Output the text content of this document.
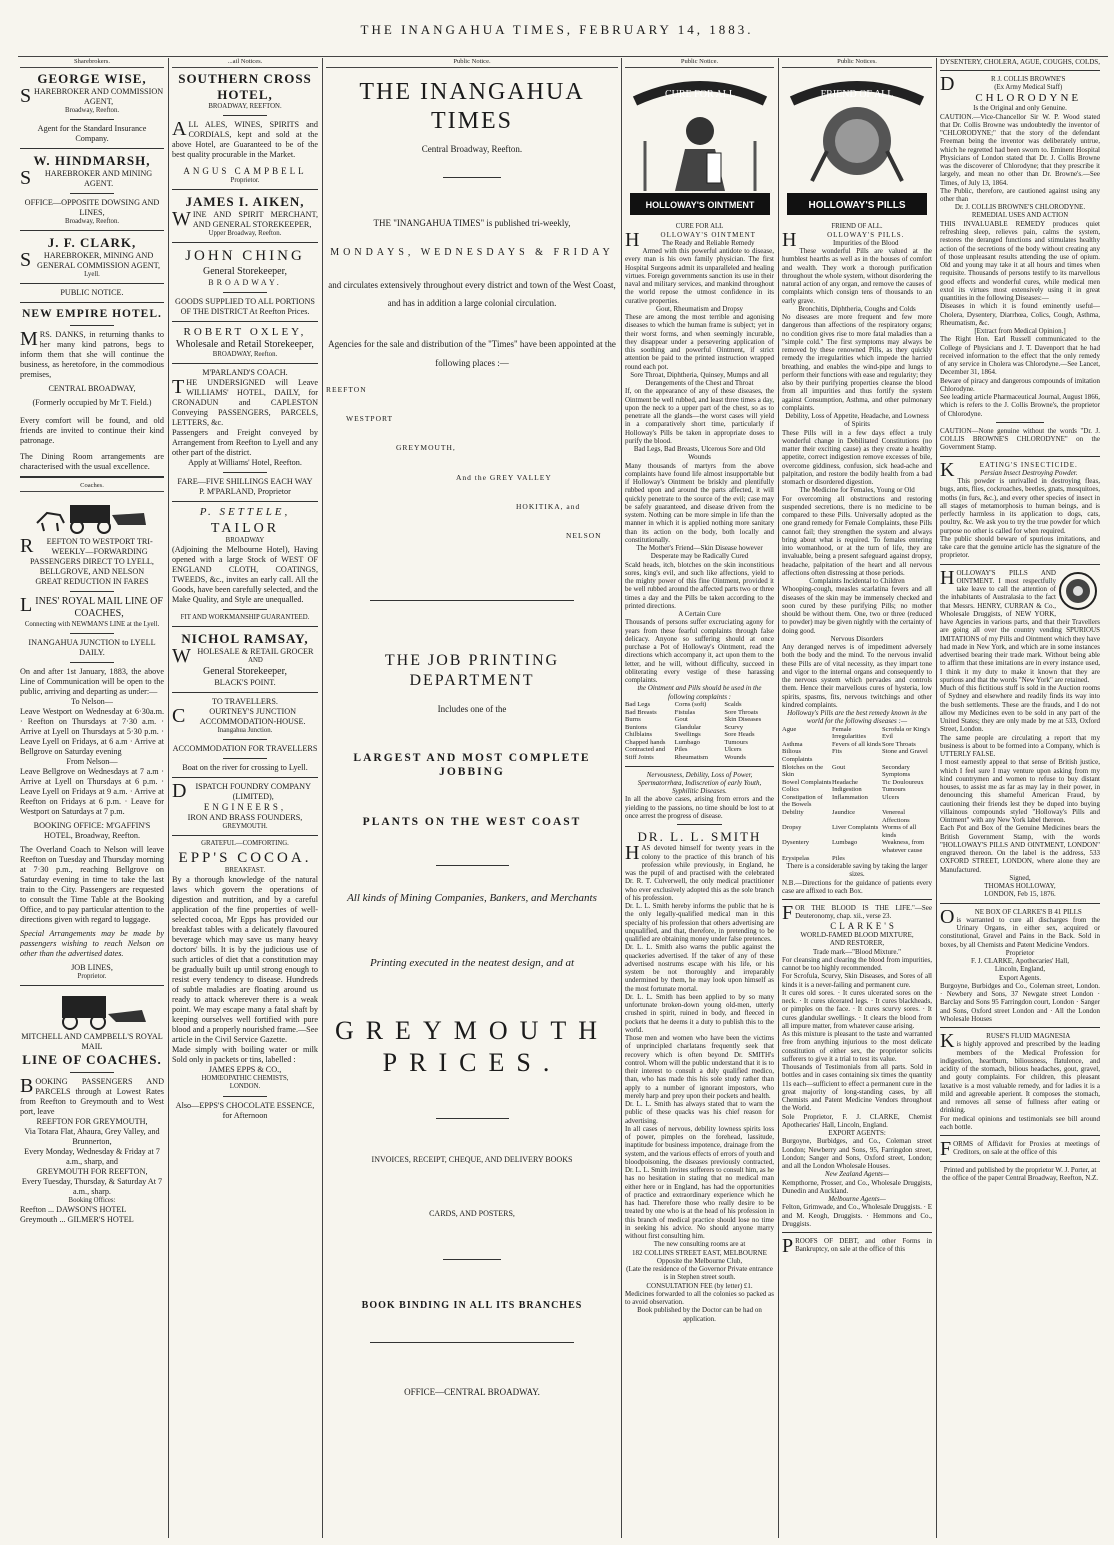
THE INANGAHUA TIMES, FEBRUARY 14, 1883.
Sharebrokers.
GEORGE WISE,
SHAREBROKER AND COMMISSION AGENT,
Broadway, Reefton.
Agent for the Standard Insurance Company.
W. HINDMARSH,
SHAREBROKER AND MINING AGENT.
OFFICE—OPPOSITE DOWSING AND LINES,
Broadway, Reefton.
J. F. CLARK,
SHAREBROKER, MINING AND GENERAL COMMISSION AGENT,
Lyell.
PUBLIC NOTICE.
NEW EMPIRE HOTEL.
MRS. DANKS, in returning thanks to her many kind patrons, begs to inform them that she will continue the business, as heretofore, in the commodious premises,
CENTRAL BROADWAY,
(Formerly occupied by Mr T. Field.)
Every comfort will be found, and old friends are invited to continue their kind patronage.
The Dining Room arrangements are characterised with the usual excellence.
Coaches.
REEFTON TO WESTPORT TRI-WEEKLY—FORWARDING PASSENGERS DIRECT TO LYELL, BELLGROVE, AND NELSON
GREAT REDUCTION IN FARES
LINES' ROYAL MAIL LINE OF COACHES,
Connecting with NEWMAN'S LINE at the Lyell.
INANGAHUA JUNCTION to LYELL DAILY.
On and after 1st January, 1883, the above Line of Communication will be open to the public, arriving and departing as under:—
To Nelson—
Leave Westport on Wednesday at 6·30a.m. · Reefton on Thursdays at 7·30 a.m. · Arrive at Lyell on Thursdays at 5·30 p.m. · Leave Lyell on Fridays, at 6 a.m · Arrive at Bellgrove on Saturday evening
From Nelson—
Leave Bellgrove on Wednesdays at 7 a.m · Arrive at Lyell on Thursdays at 6 p.m. · Leave Lyell on Fridays at 9 a.m. · Arrive at Reefton on Fridays at 6 p.m. · Leave for Westport on Saturdays at 7 p.m.
BOOKING OFFICE: M'GAFFIN'S HOTEL, Broadway, Reefton.
The Overland Coach to Nelson will leave Reefton on Tuesday and Thursday morning at 7·30 p.m., reaching Bellgrove on Saturday evening in time to take the last train to the City. Passengers are requested to consult the Time Table at the Booking Office, and to pay particular attention to the directions given with regard to luggage.
Special Arrangements may be made by passengers wishing to reach Nelson on other than the advertised dates.
JOB LINES,
Proprietor.
MITCHELL AND CAMPBELL'S ROYAL MAIL
LINE OF COACHES.
BOOKING PASSENGERS AND PARCELS through at Lowest Rates from Reefton to Greymouth and to West port, leave
REEFTON FOR GREYMOUTH,
Via Totara Flat, Ahaura, Grey Valley, and Brunnerton,
Every Monday, Wednesday & Friday at 7 a.m., sharp, and
GREYMOUTH FOR REEFTON,
Every Tuesday, Thursday, & Saturday At 7 a.m., sharp.
Booking Offices:
Reefton ... DAWSON'S HOTEL
Greymouth ... GILMER'S HOTEL
...ail Notices.
SOUTHERN CROSS HOTEL,
BROADWAY, REEFTON.
ALL ALES, WINES, SPIRITS and CORDIALS, kept and sold at the above Hotel, are Guaranteed to be of the best quality procurable in the Market.
ANGUS CAMPBELL
Proprietor.
JAMES I. AIKEN,
WINE AND SPIRIT MERCHANT, AND GENERAL STOREKEEPER,
Upper Broadway, Reefton.
JOHN CHING
General Storekeeper,
BROADWAY.
GOODS SUPPLIED TO ALL PORTIONS OF THE DISTRICT At Reefton Prices.
ROBERT OXLEY,
Wholesale and Retail Storekeeper,
BROADWAY, Reefton.
M'PARLAND'S COACH.
THE UNDERSIGNED will Leave WILLIAMS' HOTEL, DAILY, for CRONADUN and CAPLESTON Conveying PASSENGERS, PARCELS, LETTERS, &c.
Passengers and Freight conveyed by Arrangement from Reefton to Lyell and any other part of the district.
Apply at Williams' Hotel, Reefton.
FARE—FIVE SHILLINGS EACH WAY
P. M'PARLAND, Proprietor
P. SETTELE,
TAILOR
BROADWAY
(Adjoining the Melbourne Hotel), Having opened with a large Stock of WEST OF ENGLAND CLOTH, COATINGS, TWEEDS, &c., invites an early call. All the Goods, have been carefully selected, and the Make Quality, and Style are unequalled.
FIT AND WORKMANSHIP GUARANTEED.
NICHOL RAMSAY,
WHOLESALE & RETAIL GROCER
AND
General Storekeeper,
BLACK'S POINT.
TO TRAVELLERS.
COURTNEY'S JUNCTION ACCOMMODATION-HOUSE.
Inangahua Junction.
ACCOMMODATION FOR TRAVELLERS
Boat on the river for crossing to Lyell.
DISPATCH FOUNDRY COMPANY (LIMITED),
ENGINEERS,
IRON AND BRASS FOUNDERS,
GREYMOUTH.
GRATEFUL—COMFORTING.
EPP'S COCOA.
BREAKFAST.
By a thorough knowledge of the natural laws which govern the operations of digestion and nutrition, and by a careful application of the fine properties of well-selected cocoa, Mr Epps has provided our breakfast tables with a delicately flavoured beverage which may save us many heavy doctors' bills. It is by the judicious use of such articles of diet that a constitution may be gradually built up until strong enough to resist every tendency to disease. Hundreds of subtle maladies are floating around us ready to attack wherever there is a weak point. We may escape many a fatal shaft by keeping ourselves well fortified with pure blood and a properly nourished frame.—See article in the Civil Service Gazette.
Made simply with boiling water or milk Sold only in packets or tins, labelled :
JAMES EPPS & CO.,
HOMŒOPATHIC CHEMISTS,
LONDON.
Also—EPPS'S CHOCOLATE ESSENCE, for Afternoon
Public Notice.
THE INANGAHUA TIMES
Central Broadway, Reefton.
THE "INANGAHUA TIMES" is published tri-weekly,
MONDAYS, WEDNESDAYS & FRIDAY
and circulates extensively throughout every district and town of the West Coast, and has in addition a large colonial circulation.
Agencies for the sale and distribution of the "Times" have been appointed at the following places :—
REEFTON
WESTPORT
GREYMOUTH,
And the GREY VALLEY
HOKITIKA, and
NELSON
THE JOB PRINTING DEPARTMENT
Includes one of the
LARGEST AND MOST COMPLETE JOBBING
PLANTS ON THE WEST COAST
All kinds of Mining Companies, Bankers, and Merchants
Printing executed in the neatest design, and at
GREYMOUTH PRICES.
INVOICES, RECEIPT, CHEQUE, AND DELIVERY BOOKS
CARDS, AND POSTERS,
BOOK BINDING IN ALL ITS BRANCHES
OFFICE—CENTRAL BROADWAY.
Public Notice.
CURE FOR ALL
HOLLOWAY'S OINTMENT
CURE FOR ALL
HOLLOWAY'S OINTMENT
The Ready and Reliable Remedy
Armed with this powerful antidote to disease, every man is his own family physician. The first Hospital Surgeons admit its unparalleled and healing virtues. Foreign governments sanction its use in their naval and military services, and mankind throughout the world repose the utmost confidence in its curative properties.
Gout, Rheumatism and Dropsy
These are among the most terrible and agonising diseases to which the human frame is subject; yet in their worst forms, and when seemingly incurable, they disappear under a persevering application of this soothing and powerful Ointment, if strict attention be paid to the printed instruction wrapped round each pot.
Sore Throat, Diphtheria, Quinsey, Mumps and all Derangements of the Chest and Throat
If, on the appearance of any of these diseases, the Ointment be well rubbed, and least three times a day, upon the neck to a upper part of the chest, so as to penetrate all the glands—the worst cases will yield in a comparatively short time, particularly if Holloway's Pills be taken in appropriate doses to purify the blood.
Bad Legs, Bad Breasts, Ulcerous Sore and Old Wounds
Many thousands of martyrs from the above complaints have found life almost insupportable but if Holloway's Ointment be briskly and plentifully rubbed upon and around the parts affected, it will quickly penetrate to the source of the evil; case may be safely guaranteed, and disease driven from the system. Nothing can be more simple in life than the manner in which it is applied nothing more sanitary than its action on the body, both locally and constitutionally.
The Mother's Friend—Skin Disease however Desperate may be Radically Cured
Scald heads, itch, blotches on the skin inconstitious sores, king's evil, and such like affections, yield to the mighty power of this fine Ointment, provided it be well rubbed around the affected parts two or three times a day and the Pills be taken according to the printed directions.
A Certain Cure
Thousands of persons suffer excruciating agony for years from these fearful complaints through false delicacy. Anyone so suffering should at once purchase a Pot of Holloway's Ointment, read the directions which accompany it, act upon them to the letter, and he will, without difficulty, succeed in obliterating every vestige of these harassing complaints.
the Ointment and Pills should be used in the following complaints :
Bad Legs	Corns (soft)	Scalds
Bad Breasts	Fistulas	Sore Throats
Burns	Gout	Skin Diseases
Bunions	Glandular	Scurvy
Chilblains	Swellings	Sore Heads
Chapped hands	Lumbago	Tumours
Contracted and	Piles	Ulcers
Stiff Joints	Rheumatism	Wounds
Nervousness, Debility, Loss of Power, Spermatorrhœa, Indiscretion of early Youth, Syphilitic Diseases.
In all the above cases, arising from errors and the yielding to the passions, no time should be lost to at once arrest the progress of disease.
DR. L. L. SMITH
HAS devoted himself for twenty years in the colony to the practice of this branch of his profession while previously, in England, he was the pupil of and practised with the celebrated Dr. R. T. Culverwell, the only medical practitioner who ever exclusively adopted this as the sole branch of his profession.
Dr. L. L. Smith hereby informs the public that he is the only legally-qualified medical man in this specialty of his profession that others advertising are unqualified, and that, therefore, in pretending to be qualified are obtaining money under false pretences.
Dr. L. L. Smith also warns the public against the quackeries advertised. If the taker of any of these advertised nostrums escape with his life, or his system be not thoroughly and irreparably undermined by them, he may look upon himself as the most fortunate mortal.
Dr. L. L. Smith has been applied to by so many unfortunate broken-down young old-men, utterly crushed in spirit, ruined in body, and fleeced in pockets that he deems it a duty to publish this to the world.
Those men and women who have been the victims of unprincipled charlatans frequently seek that recovery which is often beyond Dr. SMITH's control. Whom will the public understand that it is to their interest to consult a duly qualified medico, than, who has made this his sole study rather than apply to a number of ignorant impostors, who merely harp and prey upon their pockets and health.
Dr. L. L. Smith has always stated that to warn the public of these quacks was his chief reason for advertising.
In all cases of nervous, debility lowness spirits loss of power, pimples on the forehead, lassitude, inaptitude for business impotence, drainage from the system, and the various effects of errors of youth and bloodpoisoning, the diseases previously contracted, Dr. L. L. Smith invites sufferers to consult him, as he has no hesitation in stating that no medical man either here or in England, has had the opportunities of practice and extraordinary experience which he has had. Therefore those who really desire to be treated by one who is at the head of his profession in this branch of medical practice should lose no time in seeking his advice. No should anyone marry without first consulting him.
The new consulting rooms are at
182 COLLINS STREET EAST, MELBOURNE Opposite the Melbourne Club,
(Late the residence of the Governor Private entrance is in Stephen street south.
CONSULTATION FEE (by letter) £1.
Medicines forwarded to all the colonies so packed as to avoid observation.
Book published by the Doctor can be had on application.
Public Notices.
FRIEND OF ALL
HOLLOWAY'S PILLS
FRIEND OF ALL.
HOLLOWAY'S PILLS.
Impurities of the Blood
These wonderful Pills are valued at the humblest hearths as well as in the houses of comfort and wealth. They work a thorough purification throughout the whole system, without disordering the natural action of any organ, and remove the causes of complaints which consign tens of thousands to an early grave.
Bronchitis, Diphtheria, Coughs and Colds
No diseases are more frequent and few more dangerous than affections of the respiratory organs; no condition gives rise to more fatal maladies than a "simple cold." The first symptoms may always be removed by these renowned Pills, as they quickly remedy the irregularities which impede the harried breathing, and enables the wind-pipe and lungs to perform their functions with ease and regularity; they also by their purifying properties cleanse the blood from all impurities and thus fortify the system against Consumption, Asthma, and other pulmonary complaints.
Debility, Loss of Appetite, Headache, and Lowness of Spirits
These Pills will in a few days effect a truly wonderful change in Debilitated Constitutions (no matter their exciting cause) as they create a healthy appetite, correct indigestion remove excesses of bile, overcome giddiness, confusion, sick head-ache and palpitation, and restore the bodily health from a bad stomach or disordered digestion.
The Medicine for Females, Young or Old
For overcoming all obstructions and restoring suspended secretions, there is no medicine to be compared to these Pills. Universally adopted as the one grand remedy for Female Complaints, these Pills cannot fail; they strengthen the system and always bring about what is required. To females entering into womanhood, or at the turn of life, they are invaluable, being a present safeguard against dropsy, headache, palpitation of the heart and all nervous affections often distressing at those periods.
Complaints Incidental to Children
Whooping-cough, measles scarlatina fevers and all diseases of the skin may be immensely checked and soon cured by these purifying Pills; no mother should be without them. One, two or three (reduced to powder) may be given nightly with the certainty of doing good.
Nervous Disorders
Any deranged nerves is of impediment adversely both the body and the mind. To the nervous invalid these Pills are of vital necessity, as they impart tone and vigor to the internal organs and consequently to the nervous system which pervades and controls them. Hence their marvellous cures of hysteria, low spirits, spasms, fits, nervous twitchings and other kindred complaints.
Holloway's Pills are the best remedy known in the world for the following diseases :—
Ague	Female Irregularities
Scrofula or King's Evil
Asthma	Fevers of all kinds Sore Throats
Bilious Complaints
Fits	Stone and Gravel
Blotches on the Skin
Gout	Secondary Symptoms
Bowel Complaints Headache	Tic Douloureux
Colics	Indigestion	Tumours
Constipation of the Bowels
Inflammation	Ulcers
Debility	Jaundice	Venereal Affections
Dropsy	Liver Complaints Worms of all kinds
Dysentery	Lumbago	Weakness, from whatever cause
Erysipelas	Piles
There is a considerable saving by taking the larger sizes.
N.B.—Directions for the guidance of patients every case are affixed to each Box.
FOR THE BLOOD IS THE LIFE."—See Deuteronomy, chap. xii., verse 23.
CLARKE'S
WORLD-FAMED BLOOD MIXTURE,
AND RESTORER,
Trade mark—"Blood Mixture."
For cleansing and clearing the blood from impurities, cannot be too highly recommended.
For Scrofula, Scurvy, Skin Diseases, and Sores of all kinds it is a never-failing and permanent cure.
It cures old sores. · It cures ulcerated sores on the neck. · It cures ulcerated legs. · It cures blackheads, or pimples on the face. · It cures scurvy sores. · It cures glandular swellings. · It clears the blood from all impure matter, from whatever cause arising.
As this mixture is pleasant to the taste and warranted free from anything injurious to the most delicate constitution of either sex, the proprietor solicits sufferers to give it a trial to test its value.
Thousands of Testimonials from all parts. Sold in bottles and in cases containing six times the quantity 11s each—sufficient to effect a permanent cure in the great majority of long-standing cases, by all Chemists and Patent Medicine Vendors throughout the World.
Sole Proprietor, F. J. CLARKE, Chemist Apothecaries' Hall, Lincoln, England.
EXPORT AGENTS:
Burgoyne, Burbidges, and Co., Coleman street London; Newberry and Sons, 95, Farringdon street, London; Sanger and Sons, Oxford street, London; and all the London Wholesale Houses.
New Zealand Agents—
Kempthorne, Prosser, and Co., Wholesale Druggists, Dunedin and Auckland.
Melbourne Agents—
Felton, Grimwade, and Co., Wholesale Druggists. · E and M. Keogh, Druggists. · Hemmons and Co., Druggists.
PROOFS OF DEBT, and other Forms in Bankruptcy, on sale at the office of this
DYSENTERY, CHOLERA, AGUE, COUGHS, COLDS,
DR J. COLLIS BROWNE'S
(Ex Army Medical Staff)
CHLORODYNE
Is the Original and only Genuine.
CAUTION.—Vice-Chancellor Sir W. P. Wood stated that Dr. Collis Browne was undoubtedly the inventor of "CHLORODYNE;" that the story of the defendant Freeman being the inventor was deliberately untrue, which he regretted had been sworn to. Eminent Hospital Physicians of London stated that Dr. J. Collis Browne was the discoverer of Chlorodyne; that they prescribe it largely, and mean no other than Dr. Browne's.—See Times, of July 13, 1864.
The Public, therefore, are cautioned against using any other than
Dr. J. COLLIS BROWNE'S CHLORODYNE.
REMEDIAL USES AND ACTION
THIS INVALUABLE REMEDY produces quiet refreshing sleep, relieves pain, calms the system, restores the deranged functions and stimulates healthy action of the secretions of the body without creating any of those unpleasant results attending the use of opium. Old and young may take it at all hours and times when requisite. Thousands of persons testify to its marvellous good effects and wonderful cures, while medical men extol its virtues most extensively using it in great quantities in the following Diseases:—
Diseases in which it is found eminently useful—Cholera, Dysentery, Diarrhœa, Colics, Cough, Asthma, Rheumatism, &c.
[Extract from Medical Opinion.]
The Right Hon. Earl Russell communicated to the College of Physicians and J. T. Davenport that he had received information to the effect that the only remedy of any service in Cholera was Chlorodyne.—See Lancet, December 31, 1864.
Beware of piracy and dangerous compounds of imitation Chlorodyne.
See leading article Pharmaceutical Journal, August 1866, which is refers to the J. Collis Browne's, the proprietor of Chlorodyne.
CAUTION—None genuine without the words "Dr. J. COLLIS BROWNE'S CHLORODYNE" on the Government Stamp.
KEATING'S INSECTICIDE.
Persian Insect Destroying Powder.
This powder is unrivalled in destroying fleas, bugs, ants, flies, cockroaches, beetles, gnats, mosquitoes, moths (in furs, &c.), and every other species of insect in all stages of metamorphosis to human beings, and is perfectly harmless in its application to dogs, cats, poultry, &c. We ask you to try the true powder for which purpose no other is called for when required.
The public should beware of spurious imitations, and take care that the genuine article has the signature of the proprietor.
HOLLOWAY'S PILLS AND OINTMENT. I most respectfully take leave to call the attention of the inhabitants of Australasia to the fact that Messrs. HENRY, CURRAN & Co., Wholesale Druggists, of NEW YORK, have Agencies in various parts, and that their Travellers are going all over the country vending SPURIOUS IMITATIONS of my Pills and Ointment which they have had made in New York, and which are in some instances advertised bearing their trade mark. Without being able to affirm that these imitations are in every instance used, I think it my duty to make it known that they are spurious and that the words "New York" are retained.
Much of this fictitious stuff is sold in the Auction rooms of Sydney and elsewhere and readily finds its way into the bush settlements. These are the frauds, and I do not allow my Medicines even to be sold in any part of the United States; they are only made by me at 533, Oxford Street, London.
The same people are circulating a report that my business is about to be formed into a Company, which is UTTERLY FALSE.
I most earnestly appeal to that sense of British justice, which I feel sure I may venture upon asking from my kind countrymen and women to refuse to buy distant houses, to assist me as far as may lay in their power, in denouncing this shameful American Fraud, by cautioning their friends lest they be duped into buying villainous compounds styled "Holloway's Pills and Ointment" with any New York label thereon.
Each Pot and Box of the Genuine Medicines bears the British Government Stamp, with the words "HOLLOWAY'S PILLS AND OINTMENT, LONDON" engraved thereon. On the label is the address, 533 OXFORD STREET, LONDON, where alone they are Manufactured.
Signed,
THOMAS HOLLOWAY,
LONDON, Feb 15, 1876.
ONE BOX OF CLARKE'S B 41 PILLS
is warranted to cure all discharges from the Urinary Organs, in either sex, acquired or constitutional, Gravel and Pains in the Back. Sold in boxes, by all Chemists and Patent Medicine Vendors.
Proprietor
F. J. CLARKE, Apothecaries' Hall,
Lincoln, England,
Export Agents.
Burgoyne, Burbidges and Co., Coleman street, London. · Newbery and Sons, 37 Newgate street London · Barclay and Sons 95 Farringdon court, London · Sanger and Sons, Oxford street London and · All the London Wholesale Houses
KRUSE'S FLUID MAGNESIA
is highly approved and prescribed by the leading members of the Medical Profession for indigestion, heartburn, biliousness, flatulence, and acidity of the stomach, bilious headaches, gout, gravel, and gouty complaints. For children, this pleasant laxative is a most valuable remedy, and for ladies it is a mild and agreeable aperient. It composes the stomach, and removes all sense of fullness after eating or drinking.
For medical opinions and testimonials see bill around each bottle.
FORMS of Affidavit for Proxies at meetings of Creditors, on sale at the office of this
Printed and published by the proprietor W. J. Porter, at the office of the paper Central Broadway, Reefton, N.Z.
